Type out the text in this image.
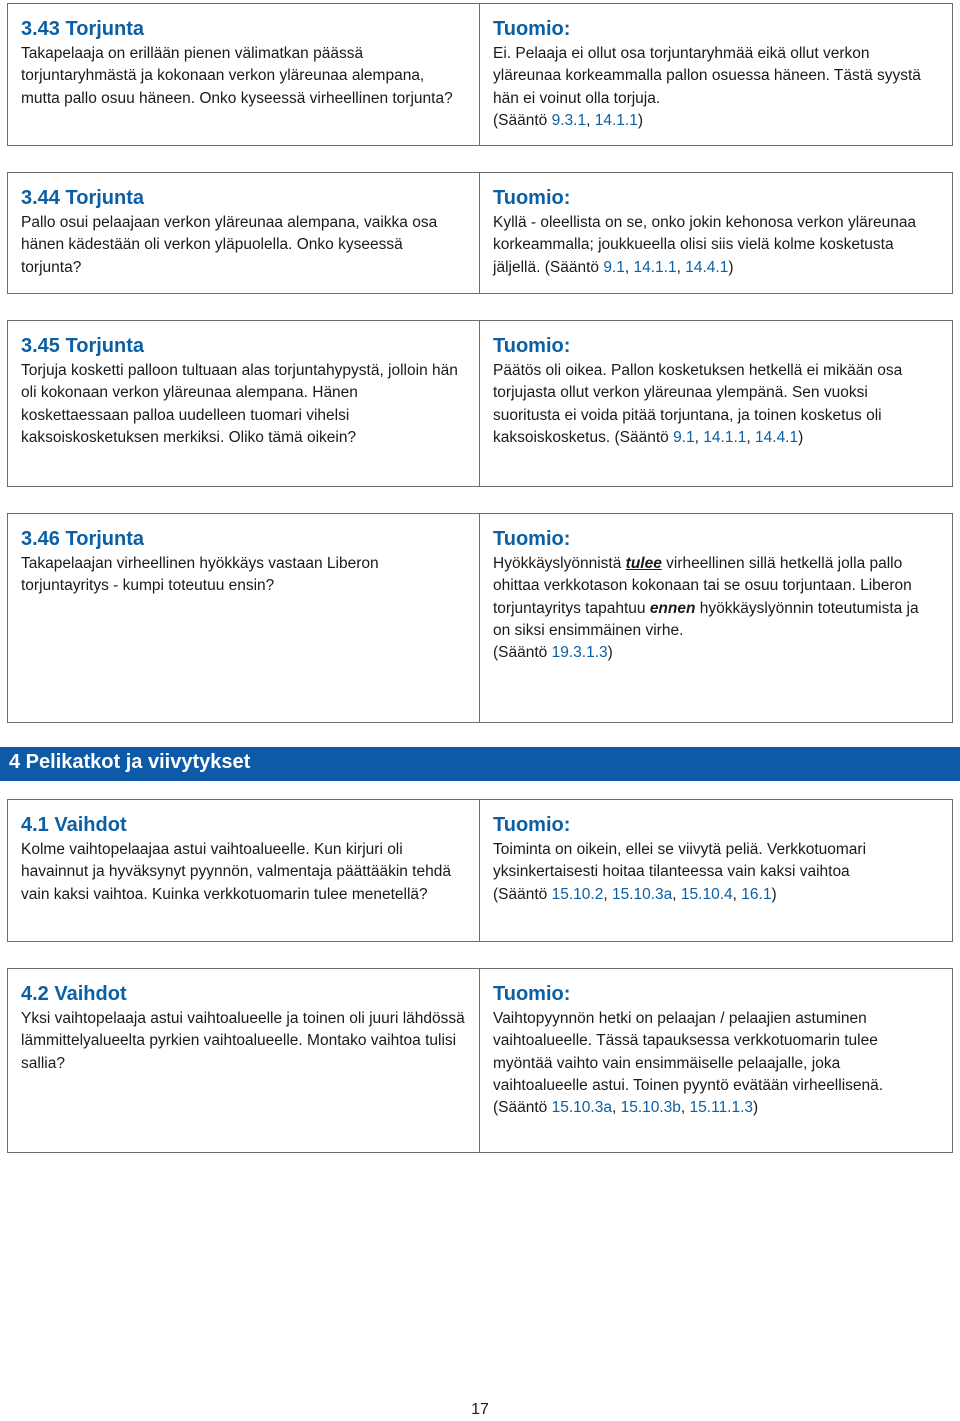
3.43 Torjunta

Takapelaaja on erillään pienen välimatkan päässä torjuntaryhmästä ja kokonaan verkon yläreunaa alempana, mutta pallo osuu häneen. Onko kyseessä virheellinen torjunta?

Tuomio:

Ei. Pelaaja ei ollut osa torjuntaryhmää eikä ollut verkon yläreunaa korkeammalla pallon osuessa häneen. Tästä syystä hän ei voinut olla torjuja.
(Sääntö 9.3.1, 14.1.1)

3.44 Torjunta

Pallo osui pelaajaan verkon yläreunaa alempana, vaikka osa hänen kädestään oli verkon yläpuolella. Onko kyseessä torjunta?

Tuomio:

Kyllä - oleellista on se, onko jokin kehonosa verkon yläreunaa korkeammalla; joukkueella olisi siis vielä kolme kosketusta jäljellä. (Sääntö 9.1, 14.1.1, 14.4.1)

3.45 Torjunta

Torjuja kosketti palloon tultuaan alas torjuntahypystä, jolloin hän oli kokonaan verkon yläreunaa alempana. Hänen koskettaessaan palloa uudelleen tuomari vihelsi kaksoiskosketuksen merkiksi. Oliko tämä oikein?

Tuomio:

Päätös oli oikea. Pallon kosketuksen hetkellä ei mikään osa torjujasta ollut verkon yläreunaa ylempänä. Sen vuoksi suoritusta ei voida pitää torjuntana, ja toinen kosketus oli kaksoiskosketus. (Sääntö 9.1, 14.1.1, 14.4.1)

3.46 Torjunta

Takapelaajan virheellinen hyökkäys vastaan Liberon torjuntayritys - kumpi toteutuu ensin?

Tuomio:

Hyökkäyslyönnistä tulee virheellinen sillä hetkellä jolla pallo ohittaa verkkotason kokonaan tai se osuu torjuntaan. Liberon torjuntayritys tapahtuu ennen hyökkäyslyönnin toteutumista ja on siksi ensimmäinen virhe.
(Sääntö 19.3.1.3)

4 Pelikatkot ja viivytykset
4.1 Vaihdot

Kolme vaihtopelaajaa astui vaihtoalueelle. Kun kirjuri oli havainnut ja hyväksynyt pyynnön, valmentaja päättääkin tehdä vain kaksi vaihtoa. Kuinka verkkotuomarin tulee menetellä?

Tuomio:

Toiminta on oikein, ellei se viivytä peliä. Verkkotuomari yksinkertaisesti hoitaa tilanteessa vain kaksi vaihtoa
(Sääntö 15.10.2, 15.10.3a, 15.10.4, 16.1)

4.2 Vaihdot

Yksi vaihtopelaaja astui vaihtoalueelle ja toinen oli juuri lähdössä lämmittelyalueelta pyrkien vaihtoalueelle. Montako vaihtoa tulisi sallia?

Tuomio:

Vaihtopyynnön hetki on pelaajan / pelaajien astuminen vaihtoalueelle. Tässä tapauksessa verkkotuomarin tulee myöntää vaihto vain ensimmäiselle pelaajalle, joka vaihtoalueelle astui. Toinen pyyntö evätään virheellisenä.
(Sääntö 15.10.3a, 15.10.3b, 15.11.1.3)

17
